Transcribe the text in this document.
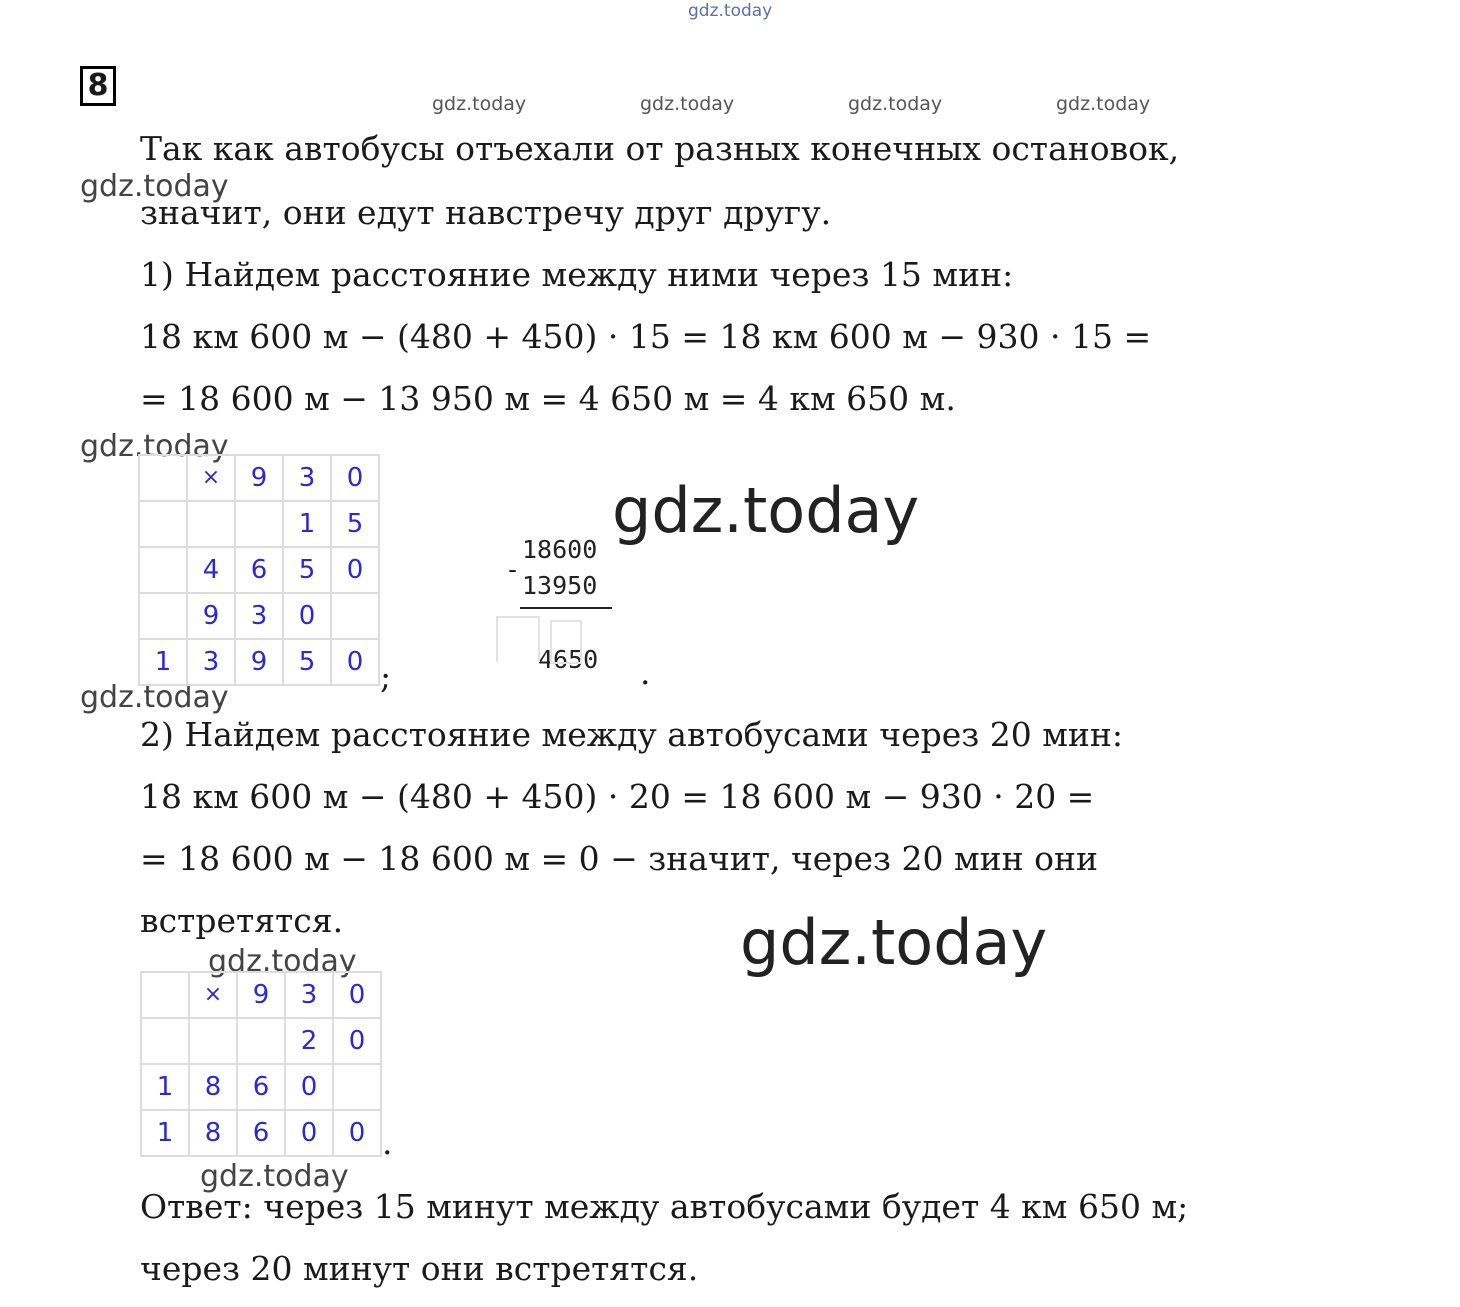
gdz.today
gdz.today	gdz.today	gdz.today	gdz.today
gdz.today
gdz.today
gdz.today
gdz.today
gdz.today
gdz.today
gdz.today
8
Так как автобусы отъехали от разных конечных остановок,
значит, они едут навстречу друг другу.
1) Найдем расстояние между ними через 15 мин:
18 км 600 м − (480 + 450) · 15 = 18 км 600 м − 930 · 15 =
= 18 600 м − 13 950 м = 4 650 м = 4 км 650 м.
	×	9	3	0
			1	5
	4	6	5	0
	9	3	0	
1	3	9	5	0 ;
18600
-
13950
4650 .
2) Найдем расстояние между автобусами через 20 мин:
18 км 600 м − (480 + 450) · 20 = 18 600 м − 930 · 20 =
= 18 600 м − 18 600 м = 0 − значит, через 20 мин они
встретятся.
	×	9	3	0
			2	0
1	8	6	0	
1	8	6	0	0 .
Ответ: через 15 минут между автобусами будет 4 км 650 м;
через 20 минут они встретятся.
